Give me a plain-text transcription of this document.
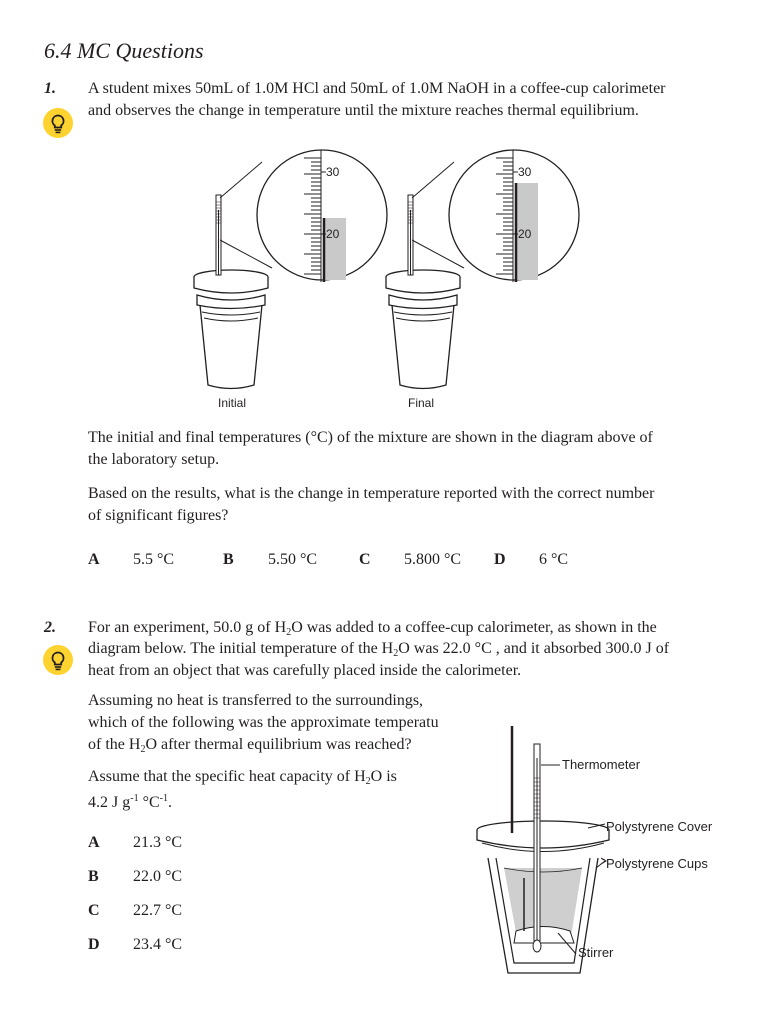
6.4 MC Questions
1. A student mixes 50mL of 1.0M HCl and 50mL of 1.0M NaOH in a coffee-cup calorimeter
and observes the change in temperature until the mixture reaches thermal equilibrium.
30
20
30
20
Initial	Final
The initial and final temperatures (°C) of the mixture are shown in the diagram above of
the laboratory setup.
Based on the results, what is the change in temperature reported with the correct number
of significant figures?
A 5.5 °C	B 5.50 °C	C 5.800 °C D 6 °C
2. For an experiment, 50.0 g of $H_2O$ was added to a coffee-cup calorimeter, as shown in the
diagram below. The initial temperature of the $H_2O$ was 22.0 °C , and it absorbed 300.0 J of
heat from an object that was carefully placed inside the calorimeter.
Assuming no heat is transferred to the surroundings,
which of the following was the approximate temperatu
of the $H_2O$ after thermal equilibrium was reached?
Assume that the specific heat capacity of $H_2O$ is
4.2 J $g^{-1}$ $^\circ C^{-1}$.
A 21.3 °C
B 22.0 °C
C 22.7 °C
D 23.4 °C
Thermometer
Polystyrene Cover
Polystyrene Cups
Stirrer
